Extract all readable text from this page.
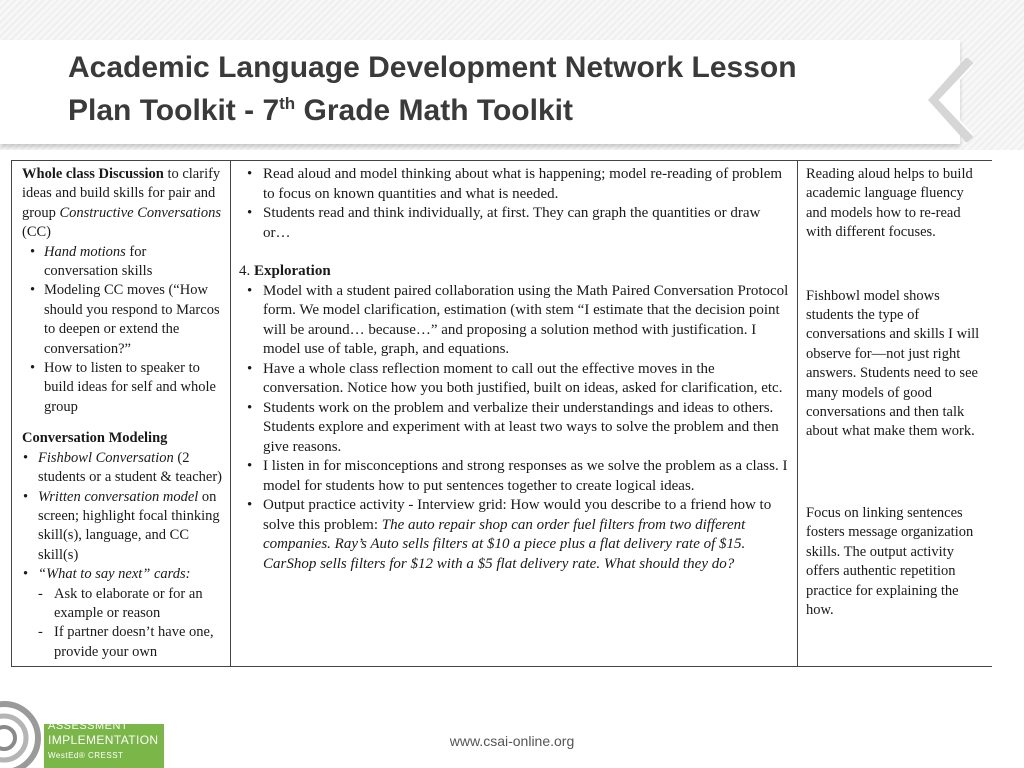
Academic Language Development Network Lesson
Plan Toolkit - 7th Grade Math Toolkit
Whole class Discussion to clarify ideas and build skills for pair and group Constructive Conversations (CC)
• Hand motions for conversation skills
• Modeling CC moves (“How should you respond to Marcos to deepen or extend the conversation?”
• How to listen to speaker to build ideas for self and whole group
Conversation Modeling
• Fishbowl Conversation (2 students or a student & teacher)
• Written conversation model on screen; highlight focal thinking skill(s), language, and CC skill(s)
• “What to say next” cards:
- Ask to elaborate or for an example or reason
- If partner doesn’t have one, provide your own

• Read aloud and model thinking about what is happening; model re-reading of problem to focus on known quantities and what is needed.
• Students read and think individually, at first. They can graph the quantities or draw or…
4. Exploration
• Model with a student paired collaboration using the Math Paired Conversation Protocol form. We model clarification, estimation (with stem “I estimate that the decision point will be around… because…” and proposing a solution method with justification. I model use of table, graph, and equations.
• Have a whole class reflection moment to call out the effective moves in the conversation. Notice how you both justified, built on ideas, asked for clarification, etc.
• Students work on the problem and verbalize their understandings and ideas to others. Students explore and experiment with at least two ways to solve the problem and then give reasons.
• I listen in for misconceptions and strong responses as we solve the problem as a class. I model for students how to put sentences together to create logical ideas.
• Output practice activity - Interview grid: How would you describe to a friend how to solve this problem: The auto repair shop can order fuel filters from two different companies. Ray’s Auto sells filters at $10 a piece plus a flat delivery rate of $15. CarShop sells filters for $12 with a $5 flat delivery rate. What should they do?

Reading aloud helps to build academic language fluency and models how to re-read with different focuses.

Fishbowl model shows students the type of conversations and skills I will observe for—not just right answers. Students need to see many models of good conversations and then talk about what make them work.

Focus on linking sentences fosters message organization skills. The output activity offers authentic repetition practice for explaining the how.

ASSESSMENT
IMPLEMENTATION
WestEd® CRESST
www.csai-online.org
